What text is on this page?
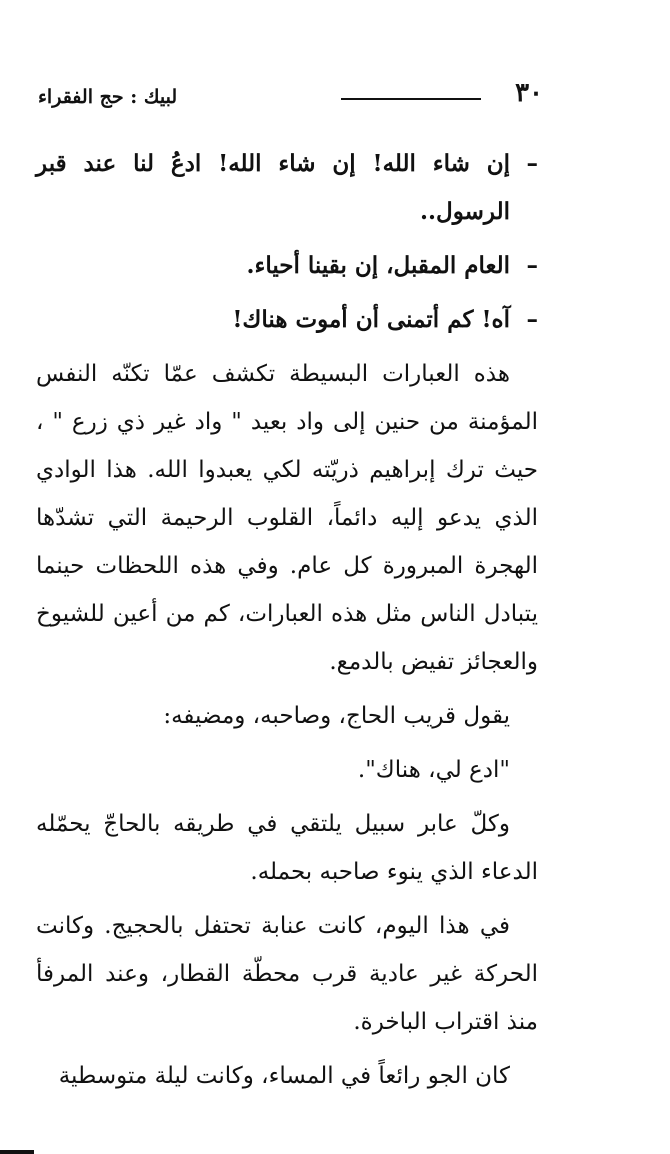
٣٠
لبيك : حج الفقراء
–
إن شاء الله! إن شاء الله! ادعُ لنا عند قبر الرسول..
–
العام المقبل، إن بقينا أحياء.
–
آه! كم أتمنى أن أموت هناك!

هذه العبارات البسيطة تكشف عمّا تكنّه النفس المؤمنة من حنين إلى واد بعيد " واد غير ذي زرع " ، حيث ترك إبراهيم ذريّته لكي يعبدوا الله. هذا الوادي الذي يدعو إليه دائماً، القلوب الرحيمة التي تشدّها الهجرة المبرورة كل عام. وفي هذه اللحظات حينما يتبادل الناس مثل هذه العبارات، كم من أعين للشيوخ والعجائز تفيض بالدمع.

يقول قريب الحاج، وصاحبه، ومضيفه:

"ادع لي، هناك".

وكلّ عابر سبيل يلتقي في طريقه بالحاجّ يحمّله الدعاء الذي ينوء صاحبه بحمله.

في هذا اليوم، كانت عنابة تحتفل بالحجيج. وكانت الحركة غير عادية قرب محطّة القطار، وعند المرفأ منذ اقتراب الباخرة.

كان الجو رائعاً في المساء، وكانت ليلة متوسطية
